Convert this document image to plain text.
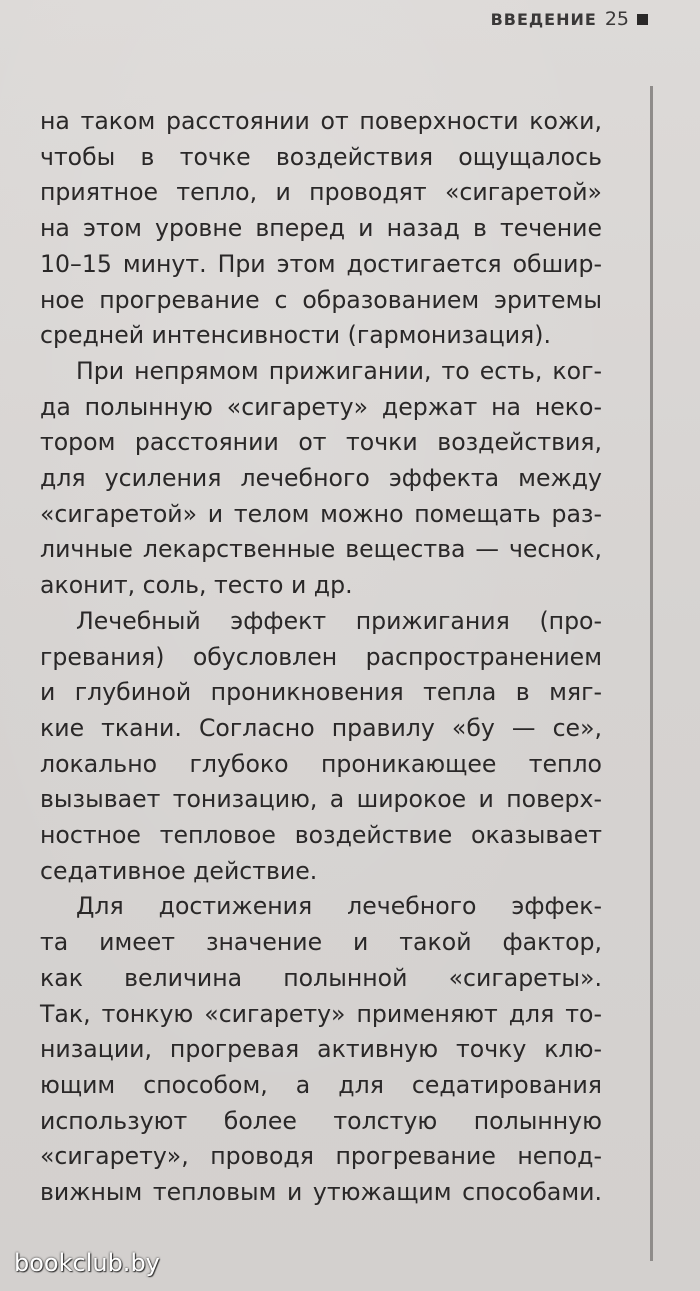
ВВЕДЕНИЕ 25
на таком расстоянии от поверхности кожи,
чтобы в точке воздействия ощущалось
приятное тепло, и проводят «сигаретой»
на этом уровне вперед и назад в течение
10–15 минут. При этом достигается обшир-
ное прогревание с образованием эритемы
средней интенсивности (гармонизация).
При непрямом прижигании, то есть, ког-
да полынную «сигарету» держат на неко-
тором расстоянии от точки воздействия,
для усиления лечебного эффекта между
«сигаретой» и телом можно помещать раз-
личные лекарственные вещества — чеснок,
аконит, соль, тесто и др.
Лечебный эффект прижигания (про-
гревания) обусловлен распространением
и глубиной проникновения тепла в мяг-
кие ткани. Согласно правилу «бу — се»,
локально глубоко проникающее тепло
вызывает тонизацию, а широкое и поверх-
ностное тепловое воздействие оказывает
седативное действие.
Для достижения лечебного эффек-
та имеет значение и такой фактор,
как величина полынной «сигареты».
Так, тонкую «сигарету» применяют для то-
низации, прогревая активную точку клю-
ющим способом, а для седатирования
используют более толстую полынную
«сигарету», проводя прогревание непод-
вижным тепловым и утюжащим способами.
bookclub.by
